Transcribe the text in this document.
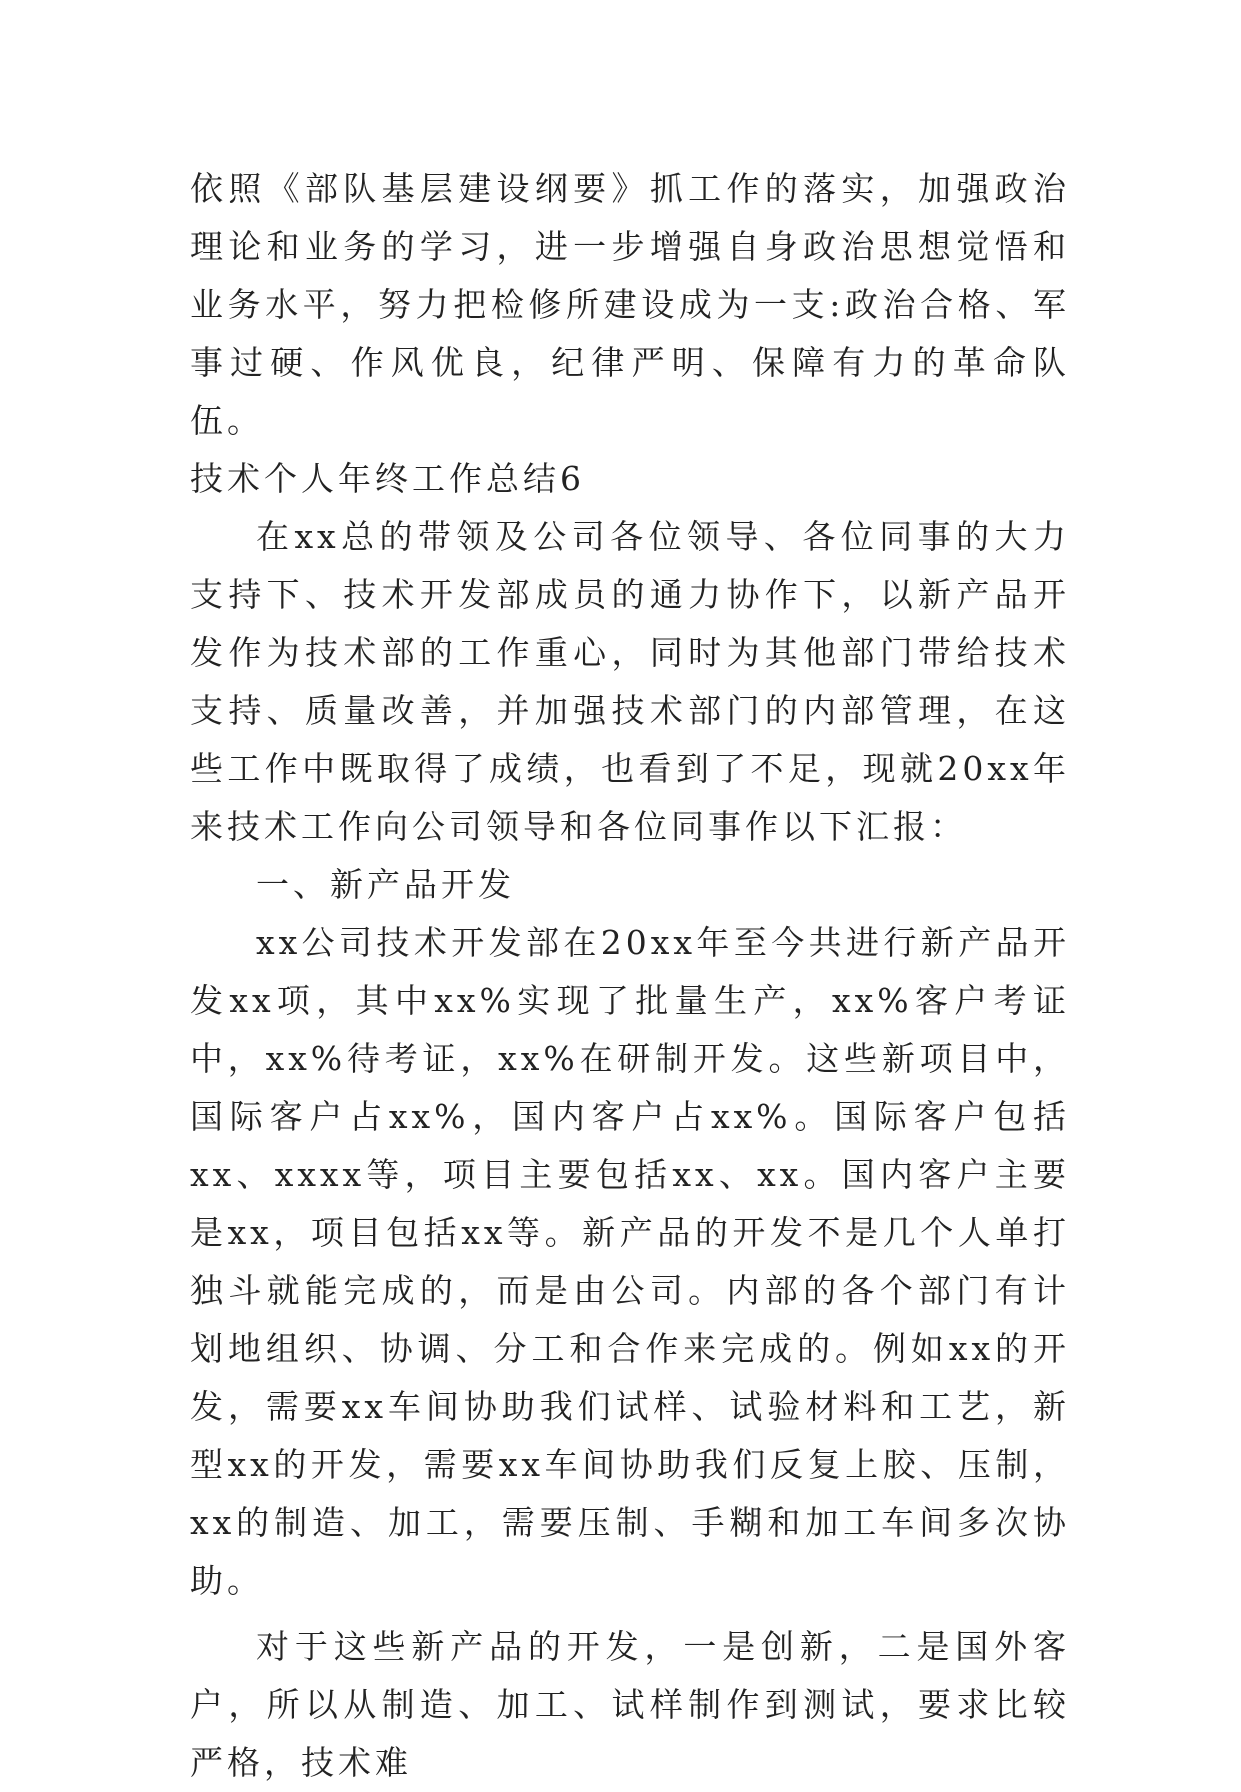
依照《部队基层建设纲要》抓工作的落实，加强政治理论和业务的学习，进一步增强自身政治思想觉悟和业务水平，努力把检修所建设成为一支:政治合格、军事过硬、作风优良，纪律严明、保障有力的革命队伍。

技术个人年终工作总结6

在xx总的带领及公司各位领导、各位同事的大力支持下、技术开发部成员的通力协作下，以新产品开发作为技术部的工作重心，同时为其他部门带给技术支持、质量改善，并加强技术部门的内部管理，在这些工作中既取得了成绩，也看到了不足，现就20xx年来技术工作向公司领导和各位同事作以下汇报：

一、新产品开发

xx公司技术开发部在20xx年至今共进行新产品开发xx项，其中xx%实现了批量生产，xx%客户考证中，xx%待考证，xx%在研制开发。这些新项目中，国际客户占xx%，国内客户占xx%。国际客户包括xx、xxxx等，项目主要包括xx、xx。国内客户主要是xx，项目包括xx等。新产品的开发不是几个人单打独斗就能完成的，而是由公司。内部的各个部门有计划地组织、协调、分工和合作来完成的。例如xx的开发，需要xx车间协助我们试样、试验材料和工艺，新型xx的开发，需要xx车间协助我们反复上胶、压制，xx的制造、加工，需要压制、手糊和加工车间多次协助。

对于这些新产品的开发，一是创新，二是国外客户，所以从制造、加工、试样制作到测试，要求比较严格，技术难
